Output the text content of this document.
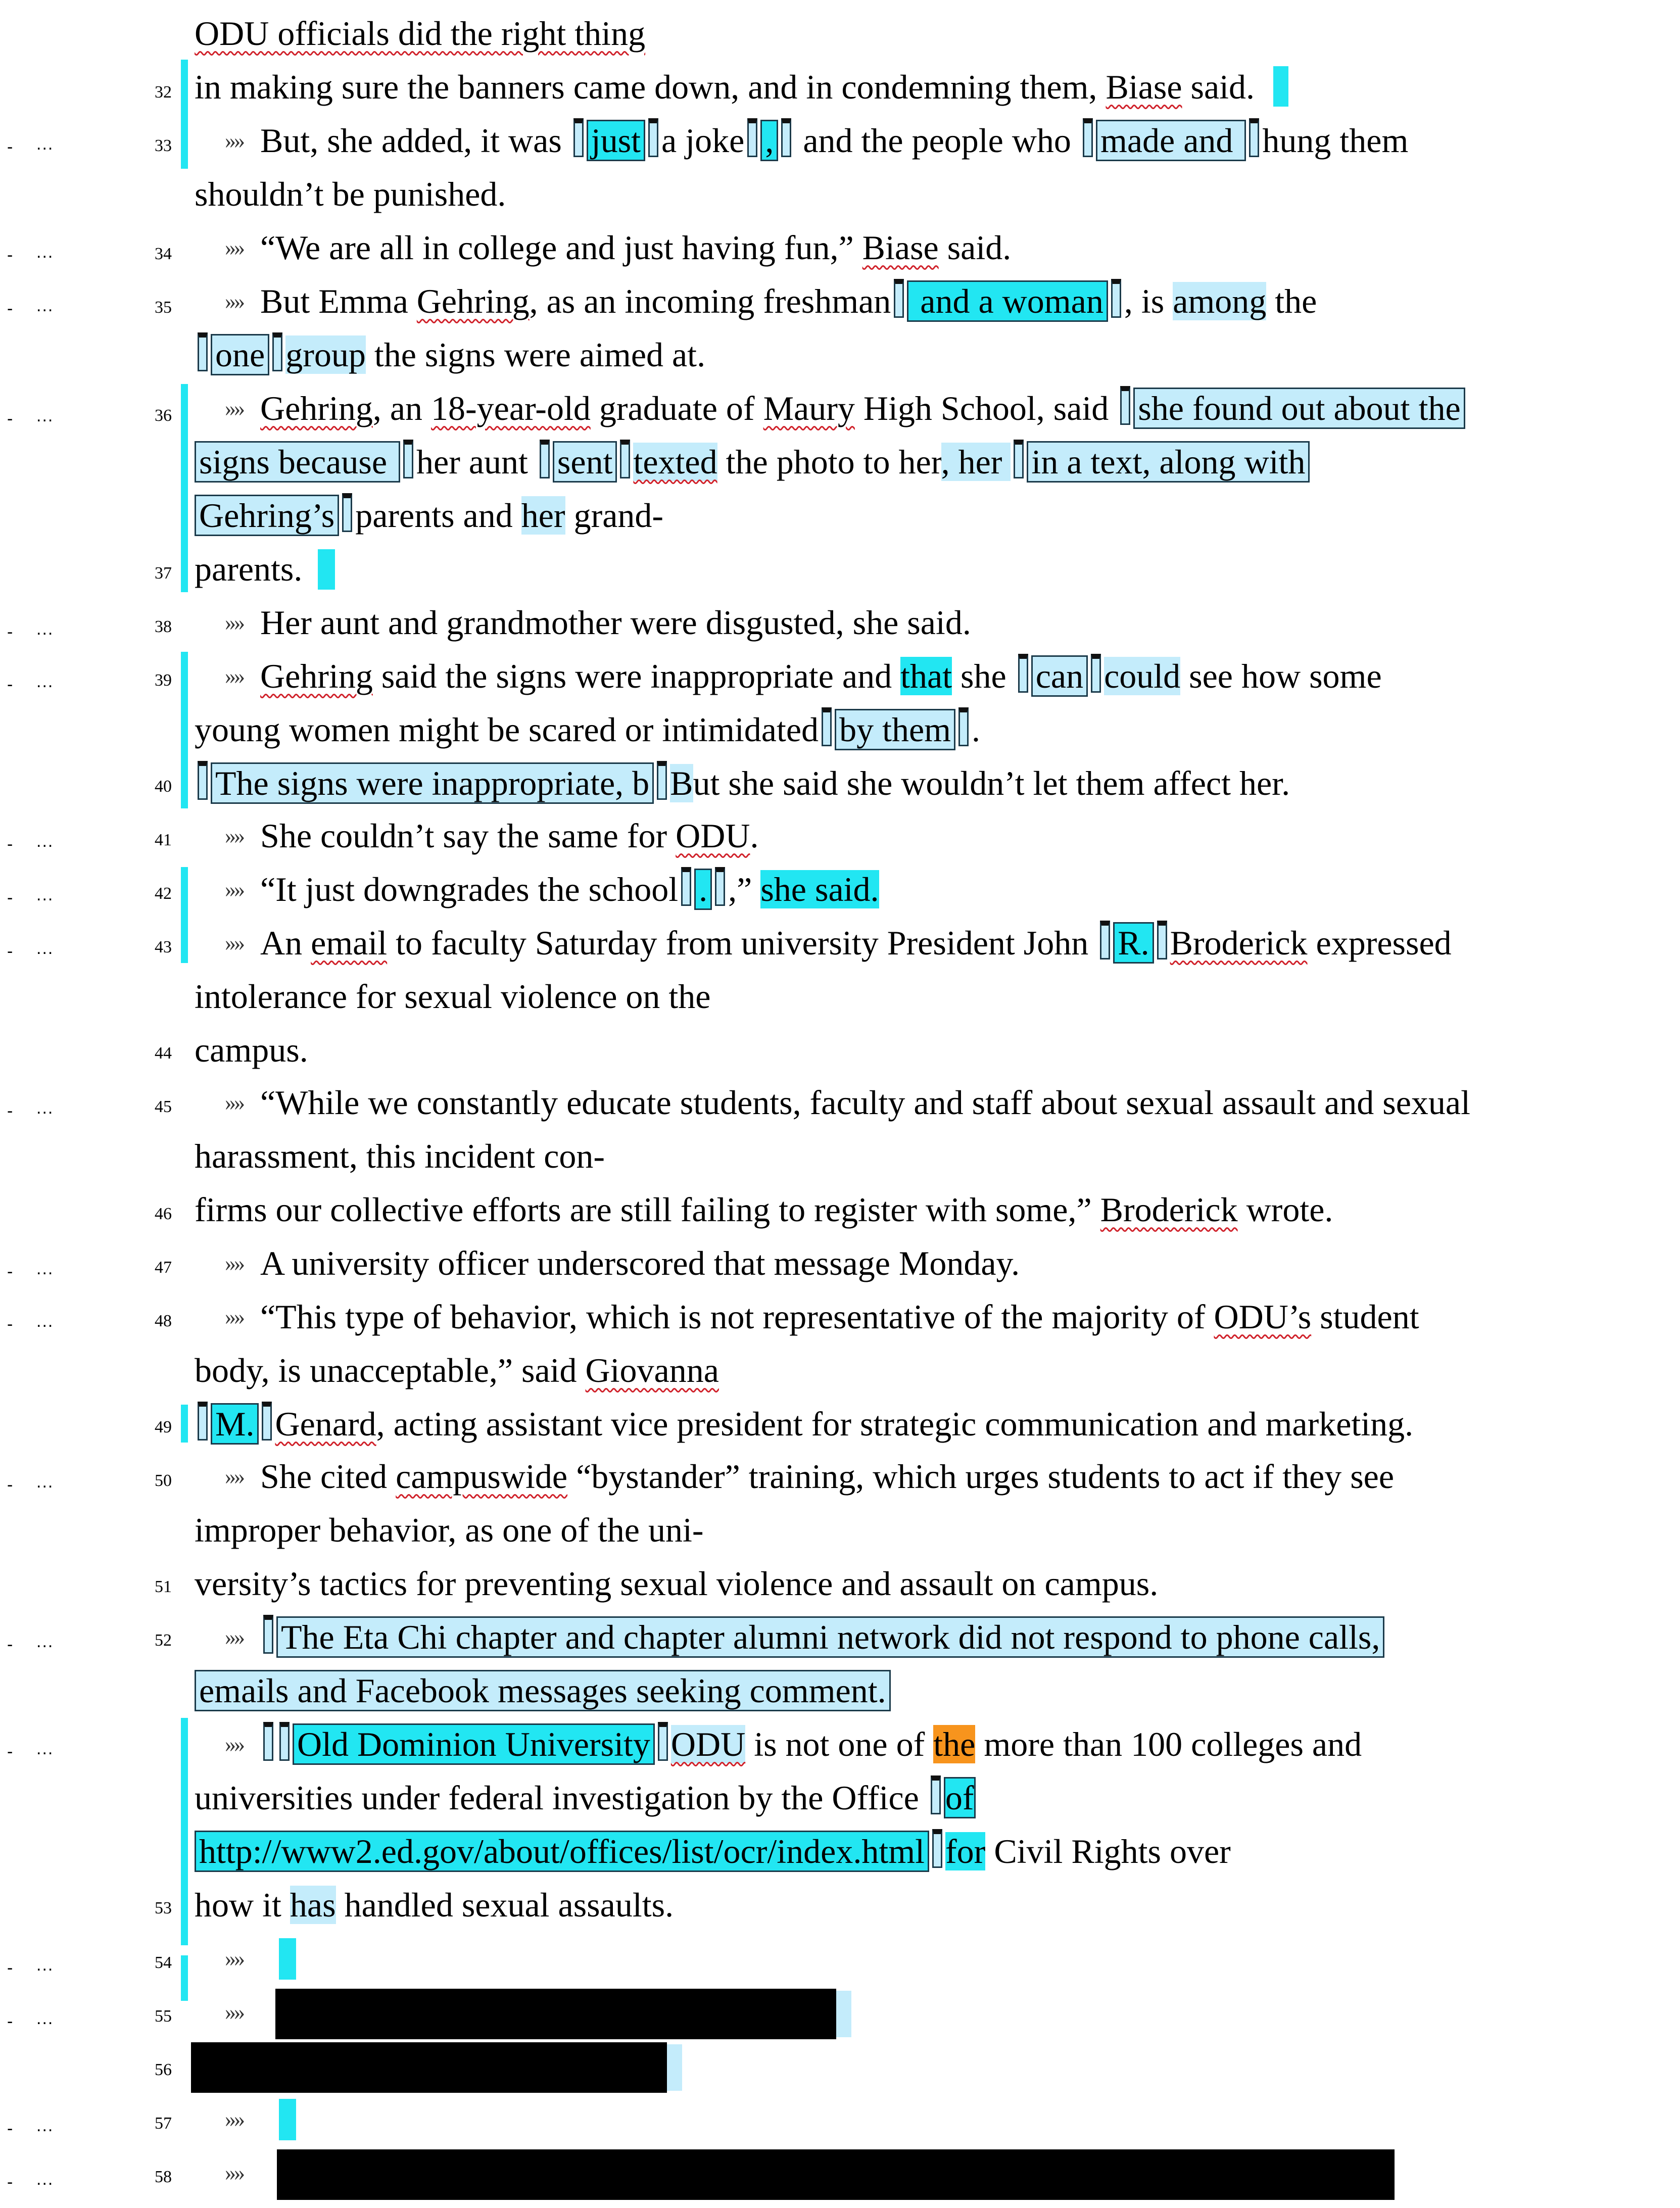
ODU officials did the right thing
32 in making sure the banners came down, and in condemning them, Biase said.
- ...	33 »» But, she added, it was just a joke , and the people who made and hung them
shouldn’t be punished.
- ...	34 »» “We are all in college and just having fun,” Biase said.
- ...	35 »» But Emma Gehring, as an incoming freshman and a woman , is among the
one group the signs were aimed at.
- ...	36 »» Gehring, an 18-year-old graduate of Maury High School, said she found out about the
signs because her aunt sent texted the photo to her, her in a text, along with
Gehring’s parents and her grand-
37 parents.
- ...	38 »» Her aunt and grandmother were disgusted, she said.
- ...	39 »» Gehring said the signs were inappropriate and that she can could see how some
young women might be scared or intimidated by them .
40	The signs were inappropriate, b But she said she wouldn’t let them affect her.
- ...	41 »» She couldn’t say the same for ODU.
- ...	42 »» “It just downgrades the school . ,” she said.
- ...	43 »» An email to faculty Saturday from university President John R. Broderick expressed
intolerance for sexual violence on the
44 campus.
- ...	45 »» “While we constantly educate students, faculty and staff about sexual assault and sexual
harassment, this incident con-
46 firms our collective efforts are still failing to register with some,” Broderick wrote.
- ...	47 »» A university officer underscored that message Monday.
- ...	48 »» “This type of behavior, which is not representative of the majority of ODU’s student
body, is unacceptable,” said Giovanna
49	M. Genard, acting assistant vice president for strategic communication and marketing.
- ...	50 »» She cited campuswide “bystander” training, which urges students to act if they see
improper behavior, as one of the uni-
51 versity’s tactics for preventing sexual violence and assault on campus.
- ...	52 »» The Eta Chi chapter and chapter alumni network did not respond to phone calls,
emails and Facebook messages seeking comment.
- ...	»» Old Dominion University ODU is not one of the more than 100 colleges and
universities under federal investigation by the Office of
http://www2.ed.gov/about/offices/list/ocr/index.html for Civil Rights over
53 how it has handled sexual assaults.
- ...	54 »»
- ...	55 »»
56
- ...	57 »»
- ...	58 »»
